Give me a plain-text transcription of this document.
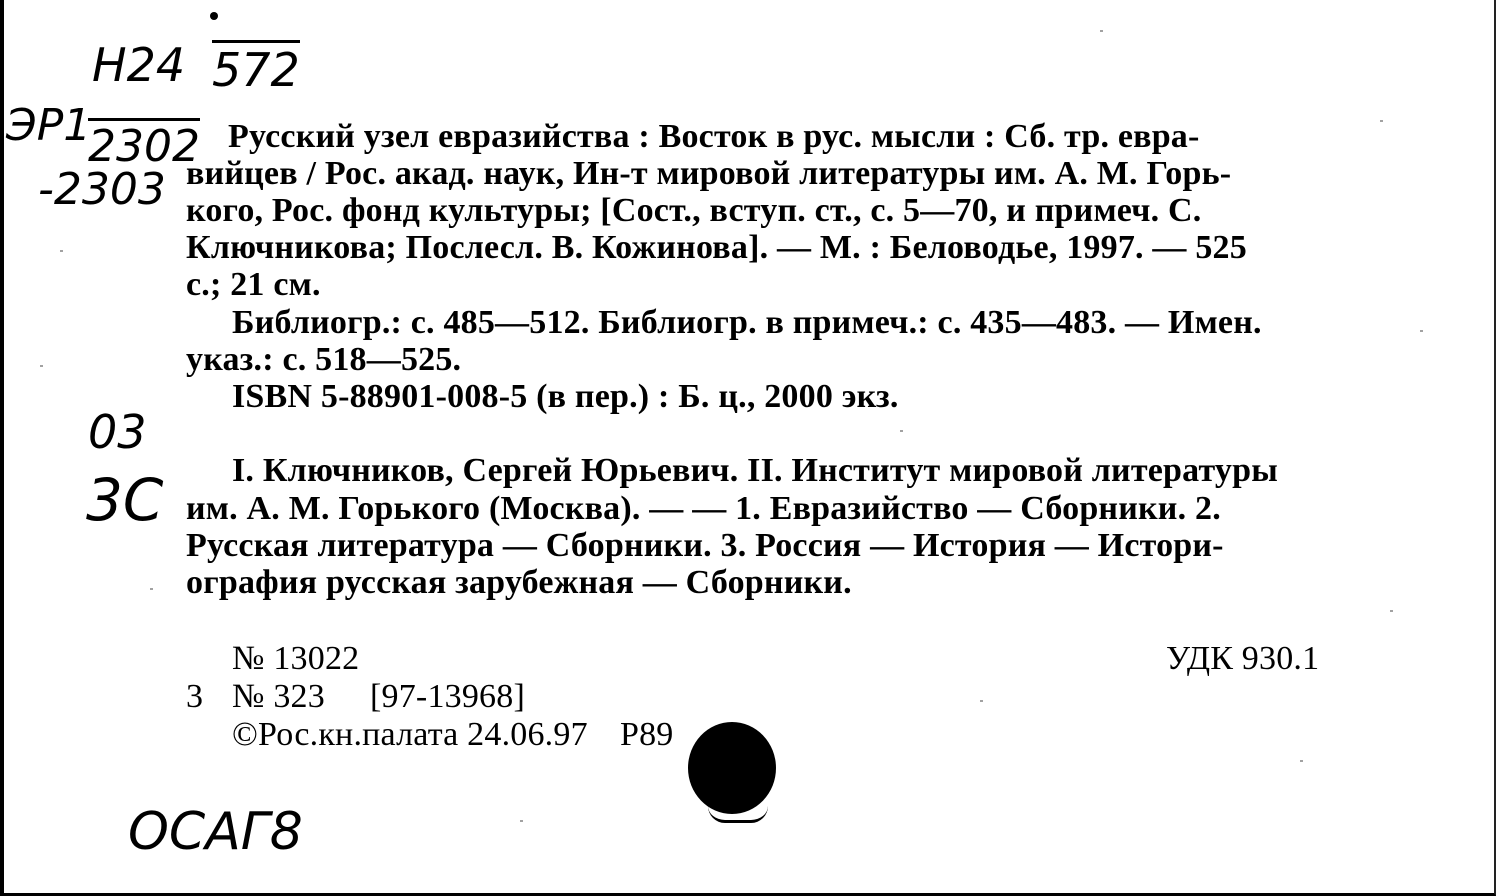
H24 572
ЭР1
2302
-2303
03
3C
ОСАГ8
Русский узел евразийства : Восток в рус. мысли : Сб. тр. евра-
вийцев / Рос. акад. наук, Ин-т мировой литературы им. А. М. Горь-
кого, Рос. фонд культуры; [Сост., вступ. ст., с. 5—70, и примеч. С.
Ключникова; Послесл. В. Кожинова]. — М. : Беловодье, 1997. — 525
с.; 21 см.
Библиогр.: с. 485—512. Библиогр. в примеч.: с. 435—483. — Имен.
указ.: с. 518—525.
ISBN 5-88901-008-5 (в пер.) : Б. ц., 2000 экз.
I. Ключников, Сергей Юрьевич. II. Институт мировой литературы
им. А. М. Горького (Москва). — — 1. Евразийство — Сборники. 2.
Русская литература — Сборники. 3. Россия — История — Истори-
ография русская зарубежная — Сборники.
№ 13022	УДК 930.1
3 № 323 [97-13968]
©Рос.кн.палата 24.06.97 Р89
